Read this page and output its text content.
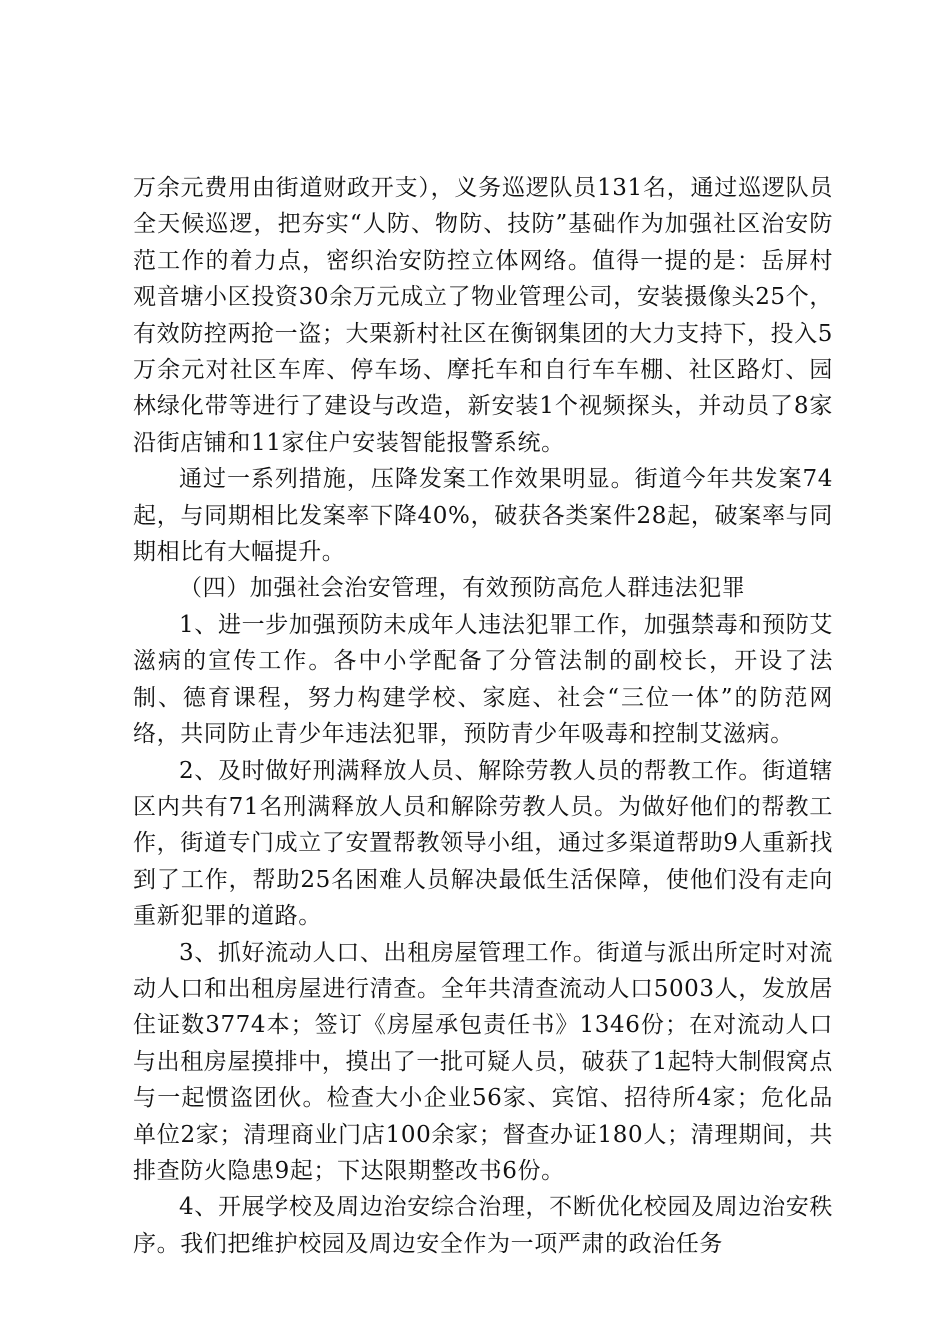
万余元费用由街道财政开支），义务巡逻队员131名，通过巡逻队员全天候巡逻，把夯实“人防、物防、技防”基础作为加强社区治安防范工作的着力点，密织治安防控立体网络。值得一提的是：岳屏村观音塘小区投资30余万元成立了物业管理公司，安装摄像头25个，有效防控两抢一盗；大栗新村社区在衡钢集团的大力支持下，投入5万余元对社区车库、停车场、摩托车和自行车车棚、社区路灯、园林绿化带等进行了建设与改造，新安装1个视频探头，并动员了8家沿街店铺和11家住户安装智能报警系统。

通过一系列措施，压降发案工作效果明显。街道今年共发案74起，与同期相比发案率下降40%，破获各类案件28起，破案率与同期相比有大幅提升。

（四）加强社会治安管理，有效预防高危人群违法犯罪

1、进一步加强预防未成年人违法犯罪工作，加强禁毒和预防艾滋病的宣传工作。各中小学配备了分管法制的副校长，开设了法制、德育课程，努力构建学校、家庭、社会“三位一体”的防范网络，共同防止青少年违法犯罪，预防青少年吸毒和控制艾滋病。

2、及时做好刑满释放人员、解除劳教人员的帮教工作。街道辖区内共有71名刑满释放人员和解除劳教人员。为做好他们的帮教工作，街道专门成立了安置帮教领导小组，通过多渠道帮助9人重新找到了工作，帮助25名困难人员解决最低生活保障，使他们没有走向重新犯罪的道路。

3、抓好流动人口、出租房屋管理工作。街道与派出所定时对流动人口和出租房屋进行清查。全年共清查流动人口5003人，发放居住证数3774本；签订《房屋承包责任书》1346份；在对流动人口与出租房屋摸排中，摸出了一批可疑人员，破获了1起特大制假窝点与一起惯盗团伙。检查大小企业56家、宾馆、招待所4家；危化品单位2家；清理商业门店100余家；督查办证180人；清理期间，共排查防火隐患9起；下达限期整改书6份。

4、开展学校及周边治安综合治理，不断优化校园及周边治安秩序。我们把维护校园及周边安全作为一项严肃的政治任务
